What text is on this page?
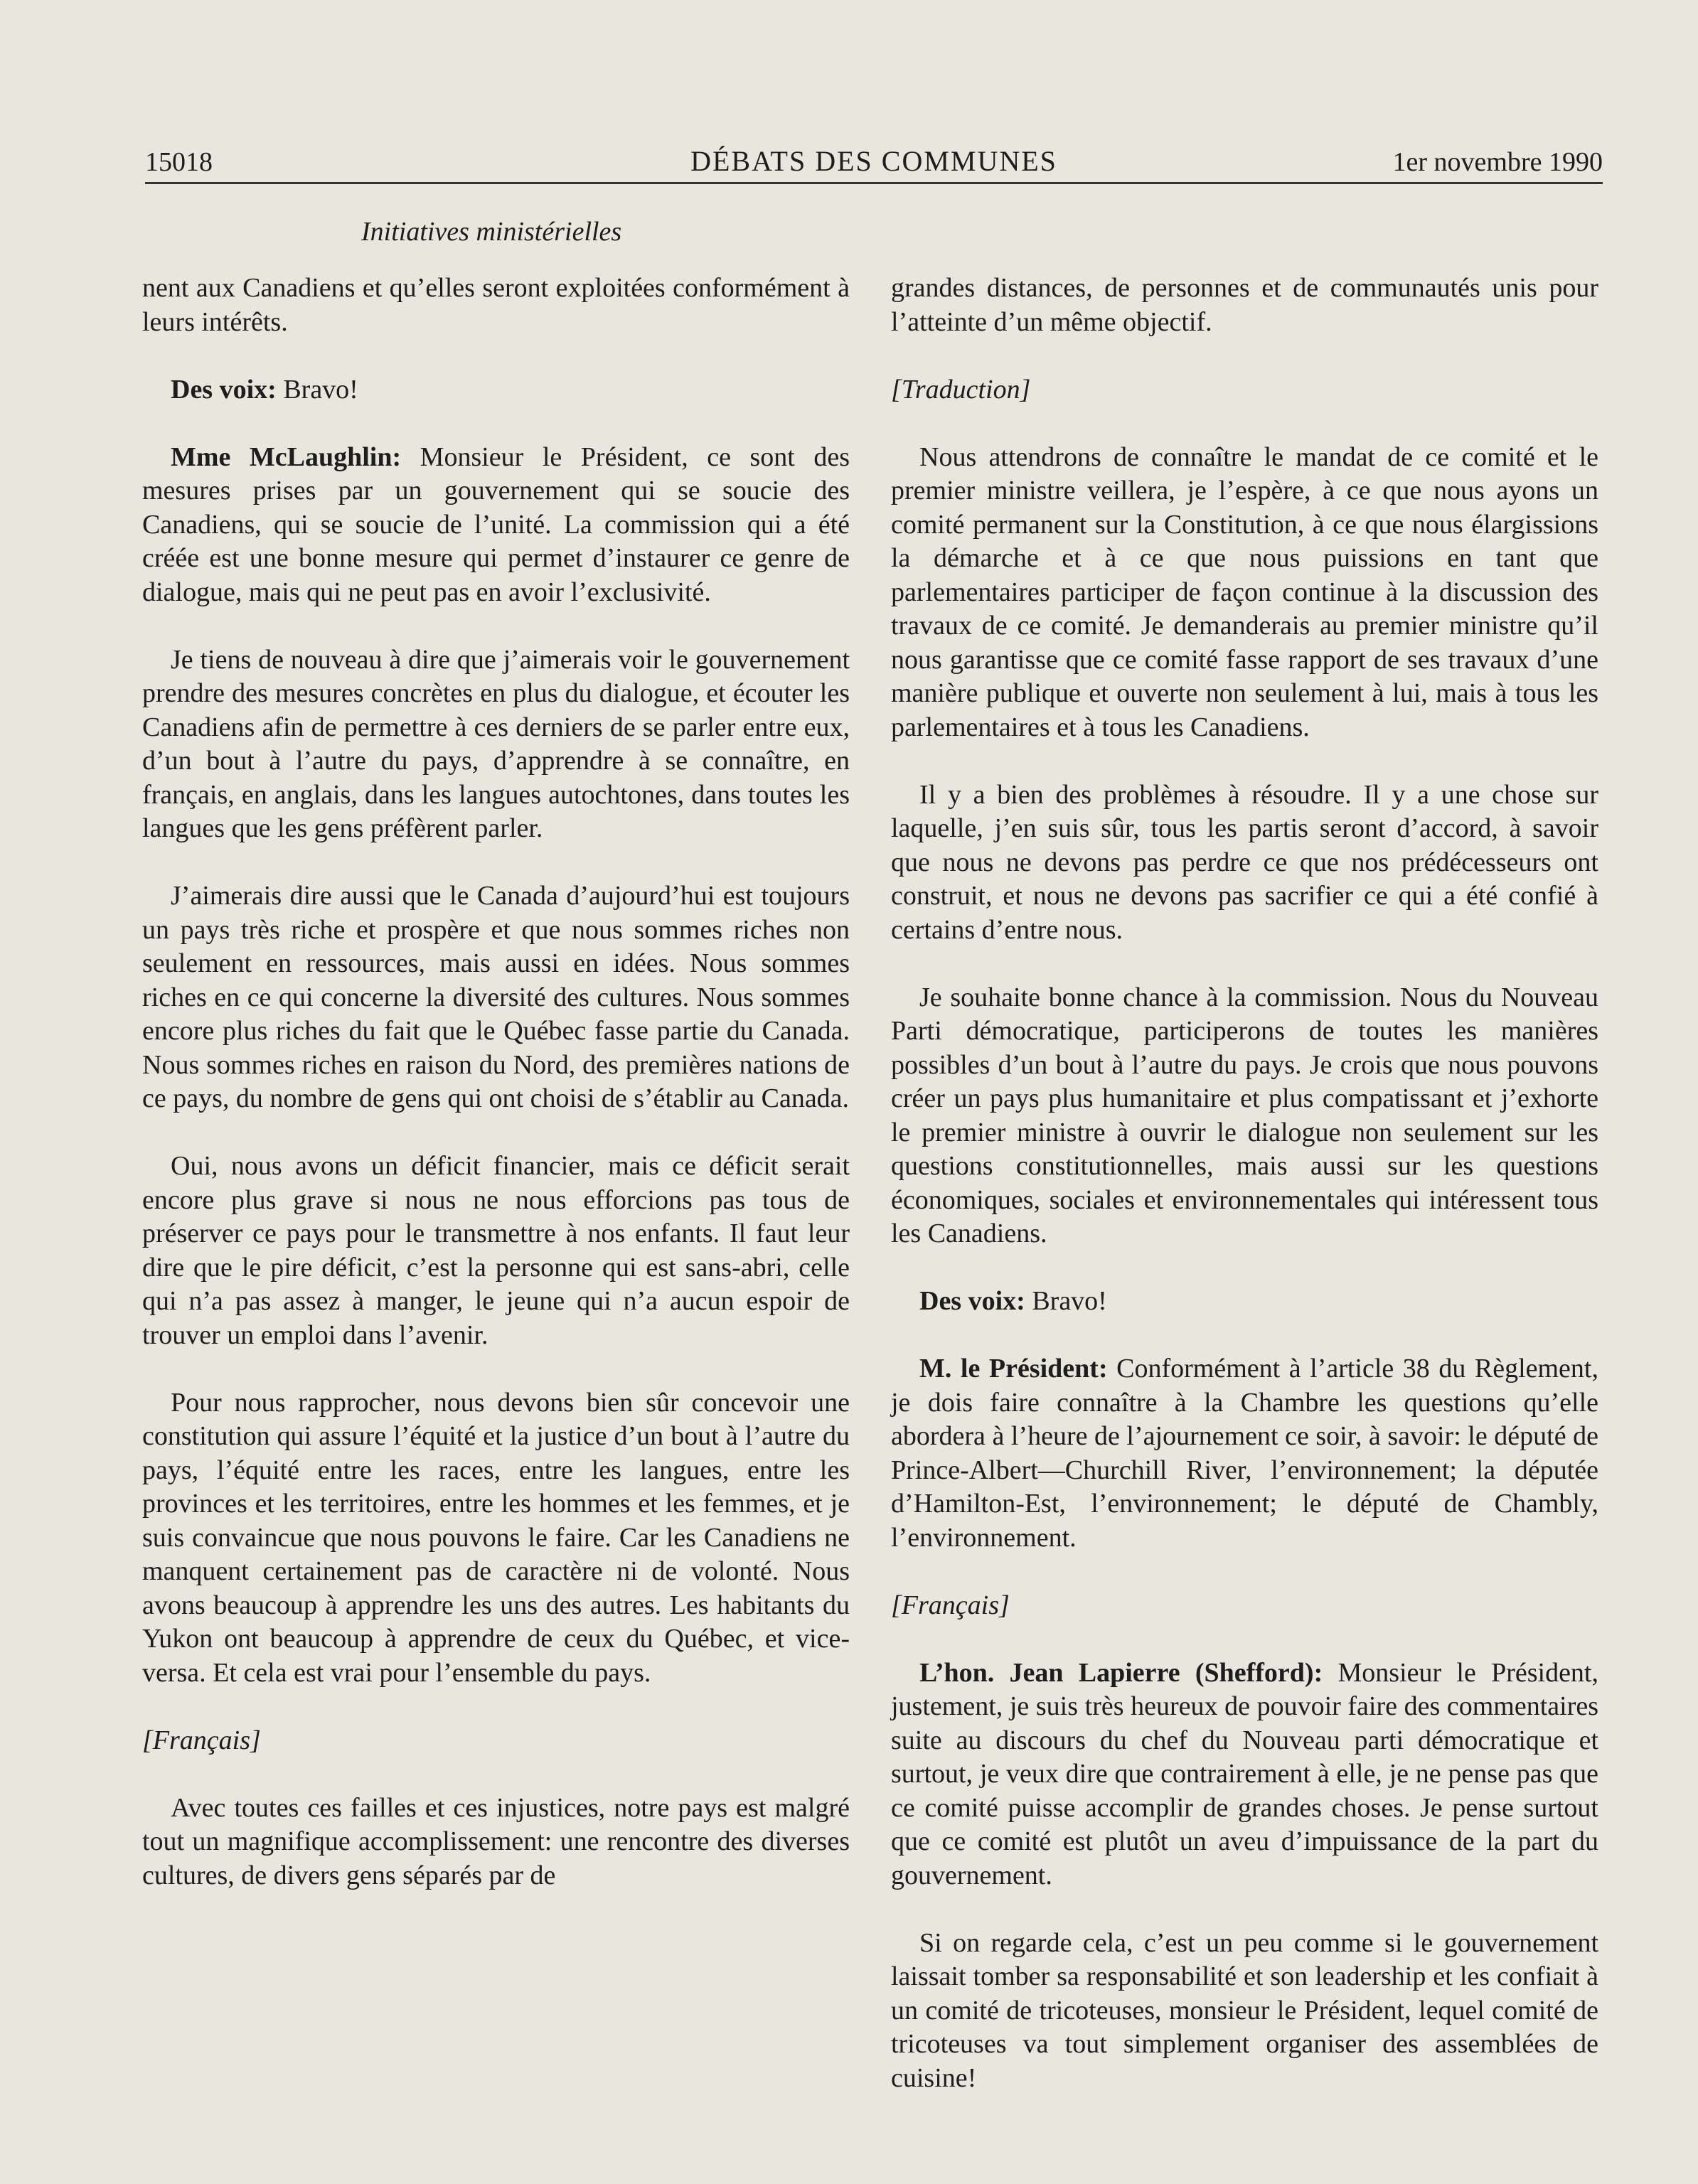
15018	DÉBATS DES COMMUNES	1er novembre 1990
Initiatives ministérielles

nent aux Canadiens et qu’elles seront exploitées conformément à leurs intérêts.

Des voix: Bravo!

Mme McLaughlin: Monsieur le Président, ce sont des mesures prises par un gouvernement qui se soucie des Canadiens, qui se soucie de l’unité. La commission qui a été créée est une bonne mesure qui permet d’instaurer ce genre de dialogue, mais qui ne peut pas en avoir l’exclusivité.

Je tiens de nouveau à dire que j’aimerais voir le gouvernement prendre des mesures concrètes en plus du dialogue, et écouter les Canadiens afin de permettre à ces derniers de se parler entre eux, d’un bout à l’autre du pays, d’apprendre à se connaître, en français, en anglais, dans les langues autochtones, dans toutes les langues que les gens préfèrent parler.

J’aimerais dire aussi que le Canada d’aujourd’hui est toujours un pays très riche et prospère et que nous sommes riches non seulement en ressources, mais aussi en idées. Nous sommes riches en ce qui concerne la diversité des cultures. Nous sommes encore plus riches du fait que le Québec fasse partie du Canada. Nous sommes riches en raison du Nord, des premières nations de ce pays, du nombre de gens qui ont choisi de s’établir au Canada.

Oui, nous avons un déficit financier, mais ce déficit serait encore plus grave si nous ne nous efforcions pas tous de préserver ce pays pour le transmettre à nos enfants. Il faut leur dire que le pire déficit, c’est la personne qui est sans-abri, celle qui n’a pas assez à manger, le jeune qui n’a aucun espoir de trouver un emploi dans l’avenir.

Pour nous rapprocher, nous devons bien sûr concevoir une constitution qui assure l’équité et la justice d’un bout à l’autre du pays, l’équité entre les races, entre les langues, entre les provinces et les territoires, entre les hommes et les femmes, et je suis convaincue que nous pouvons le faire. Car les Canadiens ne manquent certainement pas de caractère ni de volonté. Nous avons beaucoup à apprendre les uns des autres. Les habitants du Yukon ont beaucoup à apprendre de ceux du Québec, et vice-versa. Et cela est vrai pour l’ensemble du pays.

[Français]

Avec toutes ces failles et ces injustices, notre pays est malgré tout un magnifique accomplissement: une rencontre des diverses cultures, de divers gens séparés par de

grandes distances, de personnes et de communautés unis pour l’atteinte d’un même objectif.

[Traduction]

Nous attendrons de connaître le mandat de ce comité et le premier ministre veillera, je l’espère, à ce que nous ayons un comité permanent sur la Constitution, à ce que nous élargissions la démarche et à ce que nous puissions en tant que parlementaires participer de façon continue à la discussion des travaux de ce comité. Je demanderais au premier ministre qu’il nous garantisse que ce comité fasse rapport de ses travaux d’une manière publique et ouverte non seulement à lui, mais à tous les parlementaires et à tous les Canadiens.

Il y a bien des problèmes à résoudre. Il y a une chose sur laquelle, j’en suis sûr, tous les partis seront d’accord, à savoir que nous ne devons pas perdre ce que nos prédécesseurs ont construit, et nous ne devons pas sacrifier ce qui a été confié à certains d’entre nous.

Je souhaite bonne chance à la commission. Nous du Nouveau Parti démocratique, participerons de toutes les manières possibles d’un bout à l’autre du pays. Je crois que nous pouvons créer un pays plus humanitaire et plus compatissant et j’exhorte le premier ministre à ouvrir le dialogue non seulement sur les questions constitutionnelles, mais aussi sur les questions économiques, sociales et environnementales qui intéressent tous les Canadiens.

Des voix: Bravo!

M. le Président: Conformément à l’article 38 du Règlement, je dois faire connaître à la Chambre les questions qu’elle abordera à l’heure de l’ajournement ce soir, à savoir: le député de Prince-Albert—Churchill River, l’environnement; la députée d’Hamilton-Est, l’environnement; le député de Chambly, l’environnement.

[Français]

L’hon. Jean Lapierre (Shefford): Monsieur le Président, justement, je suis très heureux de pouvoir faire des commentaires suite au discours du chef du Nouveau parti démocratique et surtout, je veux dire que contrairement à elle, je ne pense pas que ce comité puisse accomplir de grandes choses. Je pense surtout que ce comité est plutôt un aveu d’impuissance de la part du gouvernement.

Si on regarde cela, c’est un peu comme si le gouvernement laissait tomber sa responsabilité et son leadership et les confiait à un comité de tricoteuses, monsieur le Président, lequel comité de tricoteuses va tout simplement organiser des assemblées de cuisine!
